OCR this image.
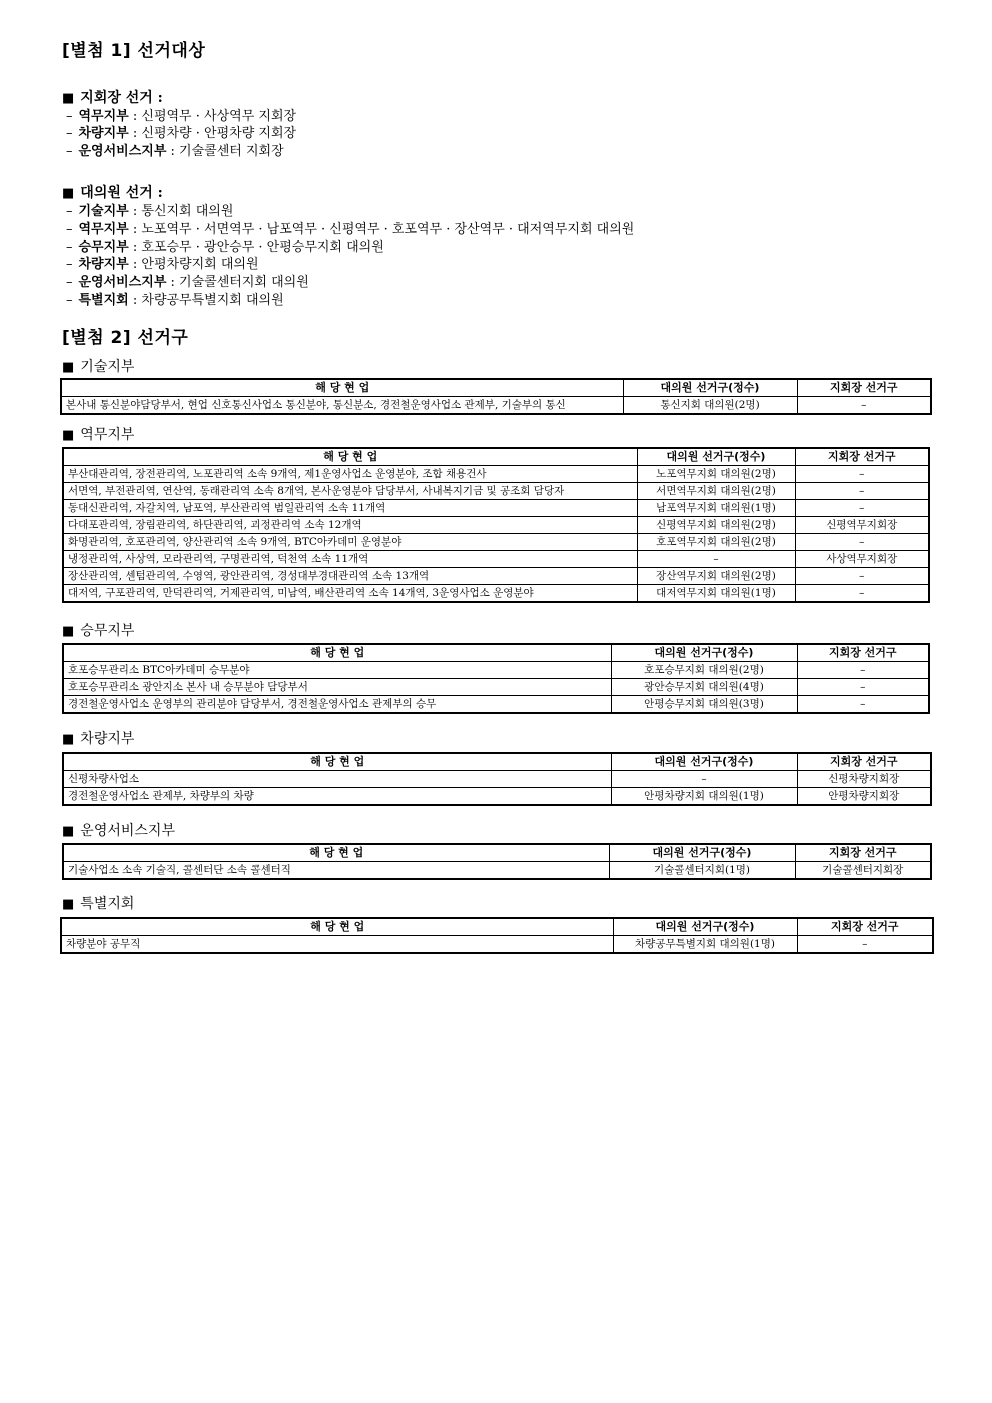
[별첨 1] 선거대상
■ 지회장 선거 :
– 역무지부 : 신평역무 · 사상역무 지회장
– 차량지부 : 신평차량 · 안평차량 지회장
– 운영서비스지부 : 기술콜센터 지회장
■ 대의원 선거 :
– 기술지부 : 통신지회 대의원
– 역무지부 : 노포역무 · 서면역무 · 남포역무 · 신평역무 · 호포역무 · 장산역무 · 대저역무지회 대의원
– 승무지부 : 호포승무 · 광안승무 · 안평승무지회 대의원
– 차량지부 : 안평차량지회 대의원
– 운영서비스지부 : 기술콜센터지회 대의원
– 특별지회 : 차량공무특별지회 대의원
[별첨 2] 선거구
■ 기술지부
해 당 현 업	대의원 선거구(정수)	지회장 선거구
본사내 통신분야담당부서, 현업 신호통신사업소 통신분야, 통신분소, 경전철운영사업소 관제부, 기술부의 통신	통신지회 대의원(2명)	–
■ 역무지부
해 당 현 업	대의원 선거구(정수)	지회장 선거구
부산대관리역, 장전관리역, 노포관리역 소속 9개역, 제1운영사업소 운영분야, 조합 채용건사	노포역무지회 대의원(2명)	–
서면역, 부전관리역, 연산역, 동래관리역 소속 8개역, 본사운영분야 담당부서, 사내복지기금 및 공조회 담당자	서면역무지회 대의원(2명)	–
동대신관리역, 자갈치역, 남포역, 부산관리역 범일관리역 소속 11개역	남포역무지회 대의원(1명)	–
다대포관리역, 장림관리역, 하단관리역, 괴정관리역 소속 12개역	신평역무지회 대의원(2명)	신평역무지회장
화명관리역, 호포관리역, 양산관리역 소속 9개역, BTC아카데미 운영분야	호포역무지회 대의원(2명)	–
냉정관리역, 사상역, 모라관리역, 구명관리역, 덕천역 소속 11개역	–	사상역무지회장
장산관리역, 센텀관리역, 수영역, 광안관리역, 경성대부경대관리역 소속 13개역	장산역무지회 대의원(2명)	–
대저역, 구포관리역, 만덕관리역, 거제관리역, 미남역, 배산관리역 소속 14개역, 3운영사업소 운영분야	대저역무지회 대의원(1명)	–
■ 승무지부
해 당 현 업	대의원 선거구(정수)	지회장 선거구
호포승무관리소 BTC아카데미 승무분야	호포승무지회 대의원(2명)	–
호포승무관리소 광안지소 본사 내 승무분야 담당부서	광안승무지회 대의원(4명)	–
경전철운영사업소 운영부의 관리분야 담당부서, 경전철운영사업소 관제부의 승무	안평승무지회 대의원(3명)	–
■ 차량지부
해 당 현 업	대의원 선거구(정수)	지회장 선거구
신평차량사업소	–	신평차량지회장
경전철운영사업소 관제부, 차량부의 차량	안평차량지회 대의원(1명)	안평차량지회장
■ 운영서비스지부
해 당 현 업	대의원 선거구(정수)	지회장 선거구
기술사업소 소속 기술직, 콜센터단 소속 콜센터직	기술콜센터지회(1명)	기술콜센터지회장
■ 특별지회
해 당 현 업	대의원 선거구(정수)	지회장 선거구
차량분야 공무직	차량공무특별지회 대의원(1명)	–
